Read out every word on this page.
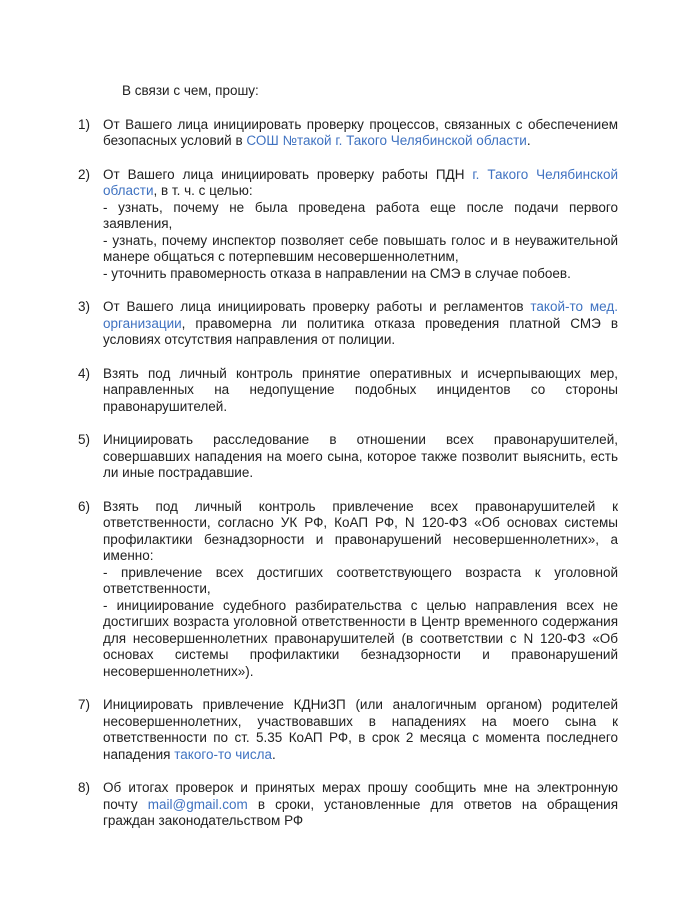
В связи с чем, прошу:

1) От Вашего лица инициировать проверку процессов, связанных с обеспечением безопасных условий в СОШ №такой г. Такого Челябинской области.

2) От Вашего лица инициировать проверку работы ПДН г. Такого Челябинской области, в т. ч. с целью:

- узнать, почему не была проведена работа еще после подачи первого заявления,

- узнать, почему инспектор позволяет себе повышать голос и в неуважительной манере общаться с потерпевшим несовершеннолетним,

- уточнить правомерность отказа в направлении на СМЭ в случае побоев.

3) От Вашего лица инициировать проверку работы и регламентов такой-то мед. организации, правомерна ли политика отказа проведения платной СМЭ в условиях отсутствия направления от полиции.

4) Взять под личный контроль принятие оперативных и исчерпывающих мер, направленных на недопущение подобных инцидентов со стороны правонарушителей.

5) Инициировать расследование в отношении всех правонарушителей, совершавших нападения на моего сына, которое также позволит выяснить, есть ли иные пострадавшие.

6) Взять под личный контроль привлечение всех правонарушителей к ответственности, согласно УК РФ, КоАП РФ, N 120-ФЗ «Об основах системы профилактики безнадзорности и правонарушений несовершеннолетних», а именно:

- привлечение всех достигших соответствующего возраста к уголовной ответственности,

- инициирование судебного разбирательства с целью направления всех не достигших возраста уголовной ответственности в Центр временного содержания для несовершеннолетних правонарушителей (в соответствии с N 120-ФЗ «Об основах системы профилактики безнадзорности и правонарушений несовершеннолетних»).

7) Инициировать привлечение КДНиЗП (или аналогичным органом) родителей несовершеннолетних, участвовавших в нападениях на моего сына к ответственности по ст. 5.35 КоАП РФ, в срок 2 месяца с момента последнего нападения такого-то числа.

8) Об итогах проверок и принятых мерах прошу сообщить мне на электронную почту mail@gmail.com в сроки, установленные для ответов на обращения граждан законодательством РФ
